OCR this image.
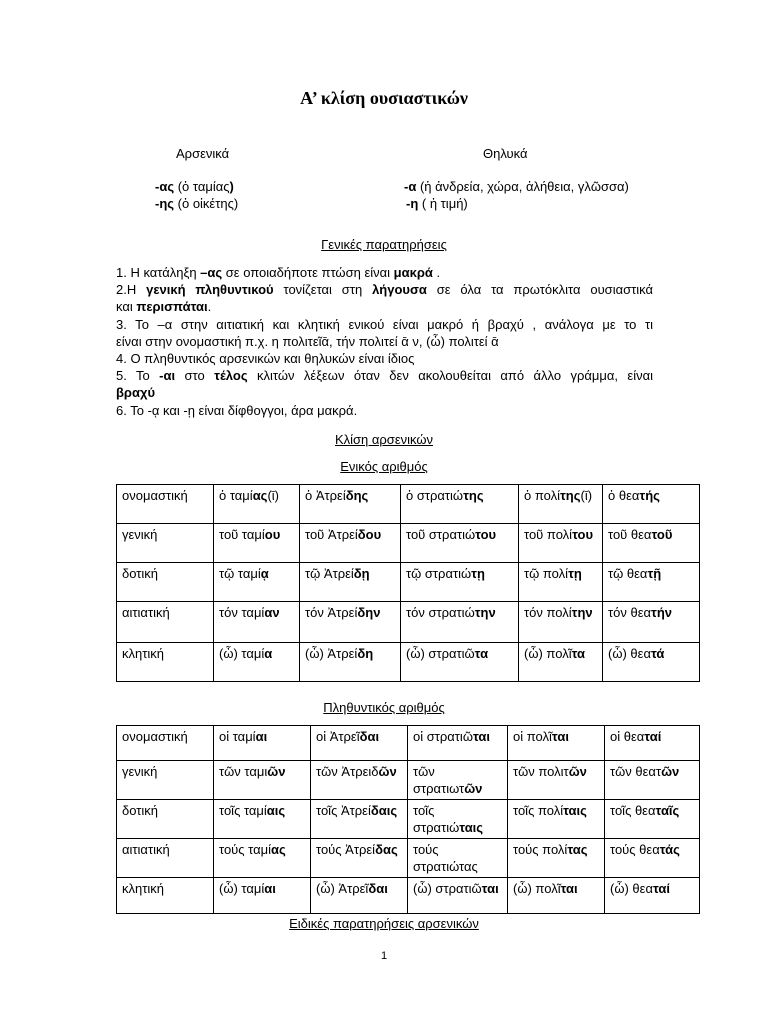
Α’ κλίση ουσιαστικών
Αρσενικά	Θηλυκά
-ας (ὁ ταμίας)
-ης (ὁ οἰκέτης)
-α (ἡ ἀνδρεία, χώρα, ἀλήθεια, γλῶσσα)
-η ( ἡ τιμή)
Γενικές παρατηρήσεις
1. Η κατάληξη –ας σε οποιαδήποτε πτώση είναι μακρά .
2.Η γενική πληθυντικού τονίζεται στη λήγουσα σε όλα τα πρωτόκλιτα ουσιαστικά
και περισπάται.
3. Το –α στην αιτιατική και κλητική ενικού είναι μακρό ή βραχύ , ανάλογα με το τι
είναι στην ονομαστική π.χ. η πολιτεῖᾱ, τήν πολιτεί ᾱ ν, (ὦ) πολιτεί ᾱ
4. Ο πληθυντικός αρσενικών και θηλυκών είναι ίδιος
5. Το -αι στο τέλος κλιτών λέξεων όταν δεν ακολουθείται από άλλο γράμμα, είναι
βραχύ
6. Το -ᾳ και -ῃ είναι δίφθογγοι, άρα μακρά.
Κλίση αρσενικών
Ενικός αριθμός
ονομαστική	ὁ ταμίας(ῑ)	ὁ Ἀτρείδης	ὁ στρατιώτης	ὁ πολίτης(ῑ)	ὁ θεατής
γενική	τοῦ ταμίου	τοῦ Ἀτρείδου	τοῦ στρατιώτου	τοῦ πολίτου	τοῦ θεατοῦ
δοτική	τῷ ταμίᾳ	τῷ Ἀτρείδῃ	τῷ στρατιώτῃ	τῷ πολίτῃ	τῷ θεατῇ
αιτιατική	τόν ταμίαν	τόν Ἀτρείδην	τόν στρατιώτην	τόν πολίτην	τόν θεατήν
κλητική	(ὦ) ταμία	(ὦ) Ἀτρείδη	(ὦ) στρατιῶτα	(ὦ) πολῖτα	(ὦ) θεατά
Πληθυντικός αριθμός
ονομαστική	οἱ ταμίαι	οἱ Ἀτρεῖδαι	οἱ στρατιῶται	οἱ πολῖται	οἱ θεαταί
γενική	τῶν ταμιῶν	τῶν Ἀτρειδῶν	τῶν στρατιωτῶν	τῶν πολιτῶν	τῶν θεατῶν
δοτική	τοῖς ταμίαις	τοῖς Ἀτρείδαις	τοῖς στρατιώταις	τοῖς πολίταις	τοῖς θεαταῖς
αιτιατική	τούς ταμίας	τούς Ἀτρείδας	τούς στρατιώτας	τούς πολίτας	τούς θεατάς
κλητική	(ὦ) ταμίαι	(ὦ) Ἀτρεῖδαι	(ὦ) στρατιῶται	(ὦ) πολῖται	(ὦ) θεαταί
Ειδικές παρατηρήσεις αρσενικών
1
